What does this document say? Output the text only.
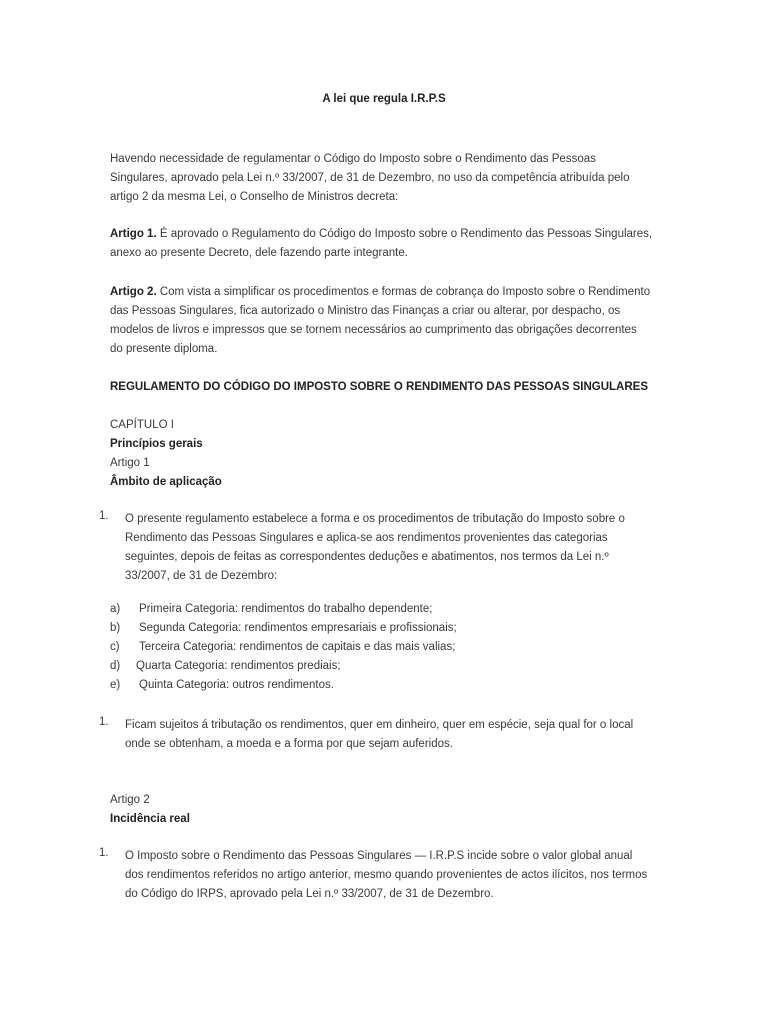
A lei que regula I.R.P.S
Havendo necessidade de regulamentar o Código do Imposto sobre o Rendimento das Pessoas
Singulares, aprovado pela Lei n.º 33/2007, de 31 de Dezembro, no uso da competência atribuída pelo
artigo 2 da mesma Lei, o Conselho de Ministros decreta:
Artigo 1. É aprovado o Regulamento do Código do Imposto sobre o Rendimento das Pessoas Singulares,
anexo ao presente Decreto, dele fazendo parte integrante.
Artigo 2. Com vista a simplificar os procedimentos e formas de cobrança do Imposto sobre o Rendimento
das Pessoas Singulares, fica autorizado o Ministro das Finanças a criar ou alterar, por despacho, os
modelos de livros e impressos que se tornem necessários ao cumprimento das obrigações decorrentes
do presente diploma.
REGULAMENTO DO CÓDIGO DO IMPOSTO SOBRE O RENDIMENTO DAS PESSOAS SINGULARES
CAPÍTULO I
Princípios gerais
Artigo 1
Âmbito de aplicação
1. O presente regulamento estabelece a forma e os procedimentos de tributação do Imposto sobre o
Rendimento das Pessoas Singulares e aplica-se aos rendimentos provenientes das categorias
seguintes, depois de feitas as correspondentes deduções e abatimentos, nos termos da Lei n.º
33/2007, de 31 de Dezembro:
a) Primeira Categoria: rendimentos do trabalho dependente;
b) Segunda Categoria: rendimentos empresariais e profissionais;
c) Terceira Categoria: rendimentos de capitais e das mais valias;
d) Quarta Categoria: rendimentos prediais;
e) Quinta Categoria: outros rendimentos.
1. Ficam sujeitos á tributação os rendimentos, quer em dinheiro, quer em espécie, seja qual for o local
onde se obtenham, a moeda e a forma por que sejam auferidos.
Artigo 2
Incidência real
1. O Imposto sobre o Rendimento das Pessoas Singulares — I.R.P.S incide sobre o valor global anual
dos rendimentos referidos no artigo anterior, mesmo quando provenientes de actos ilícitos, nos termos
do Código do IRPS, aprovado pela Lei n.º 33/2007, de 31 de Dezembro.
